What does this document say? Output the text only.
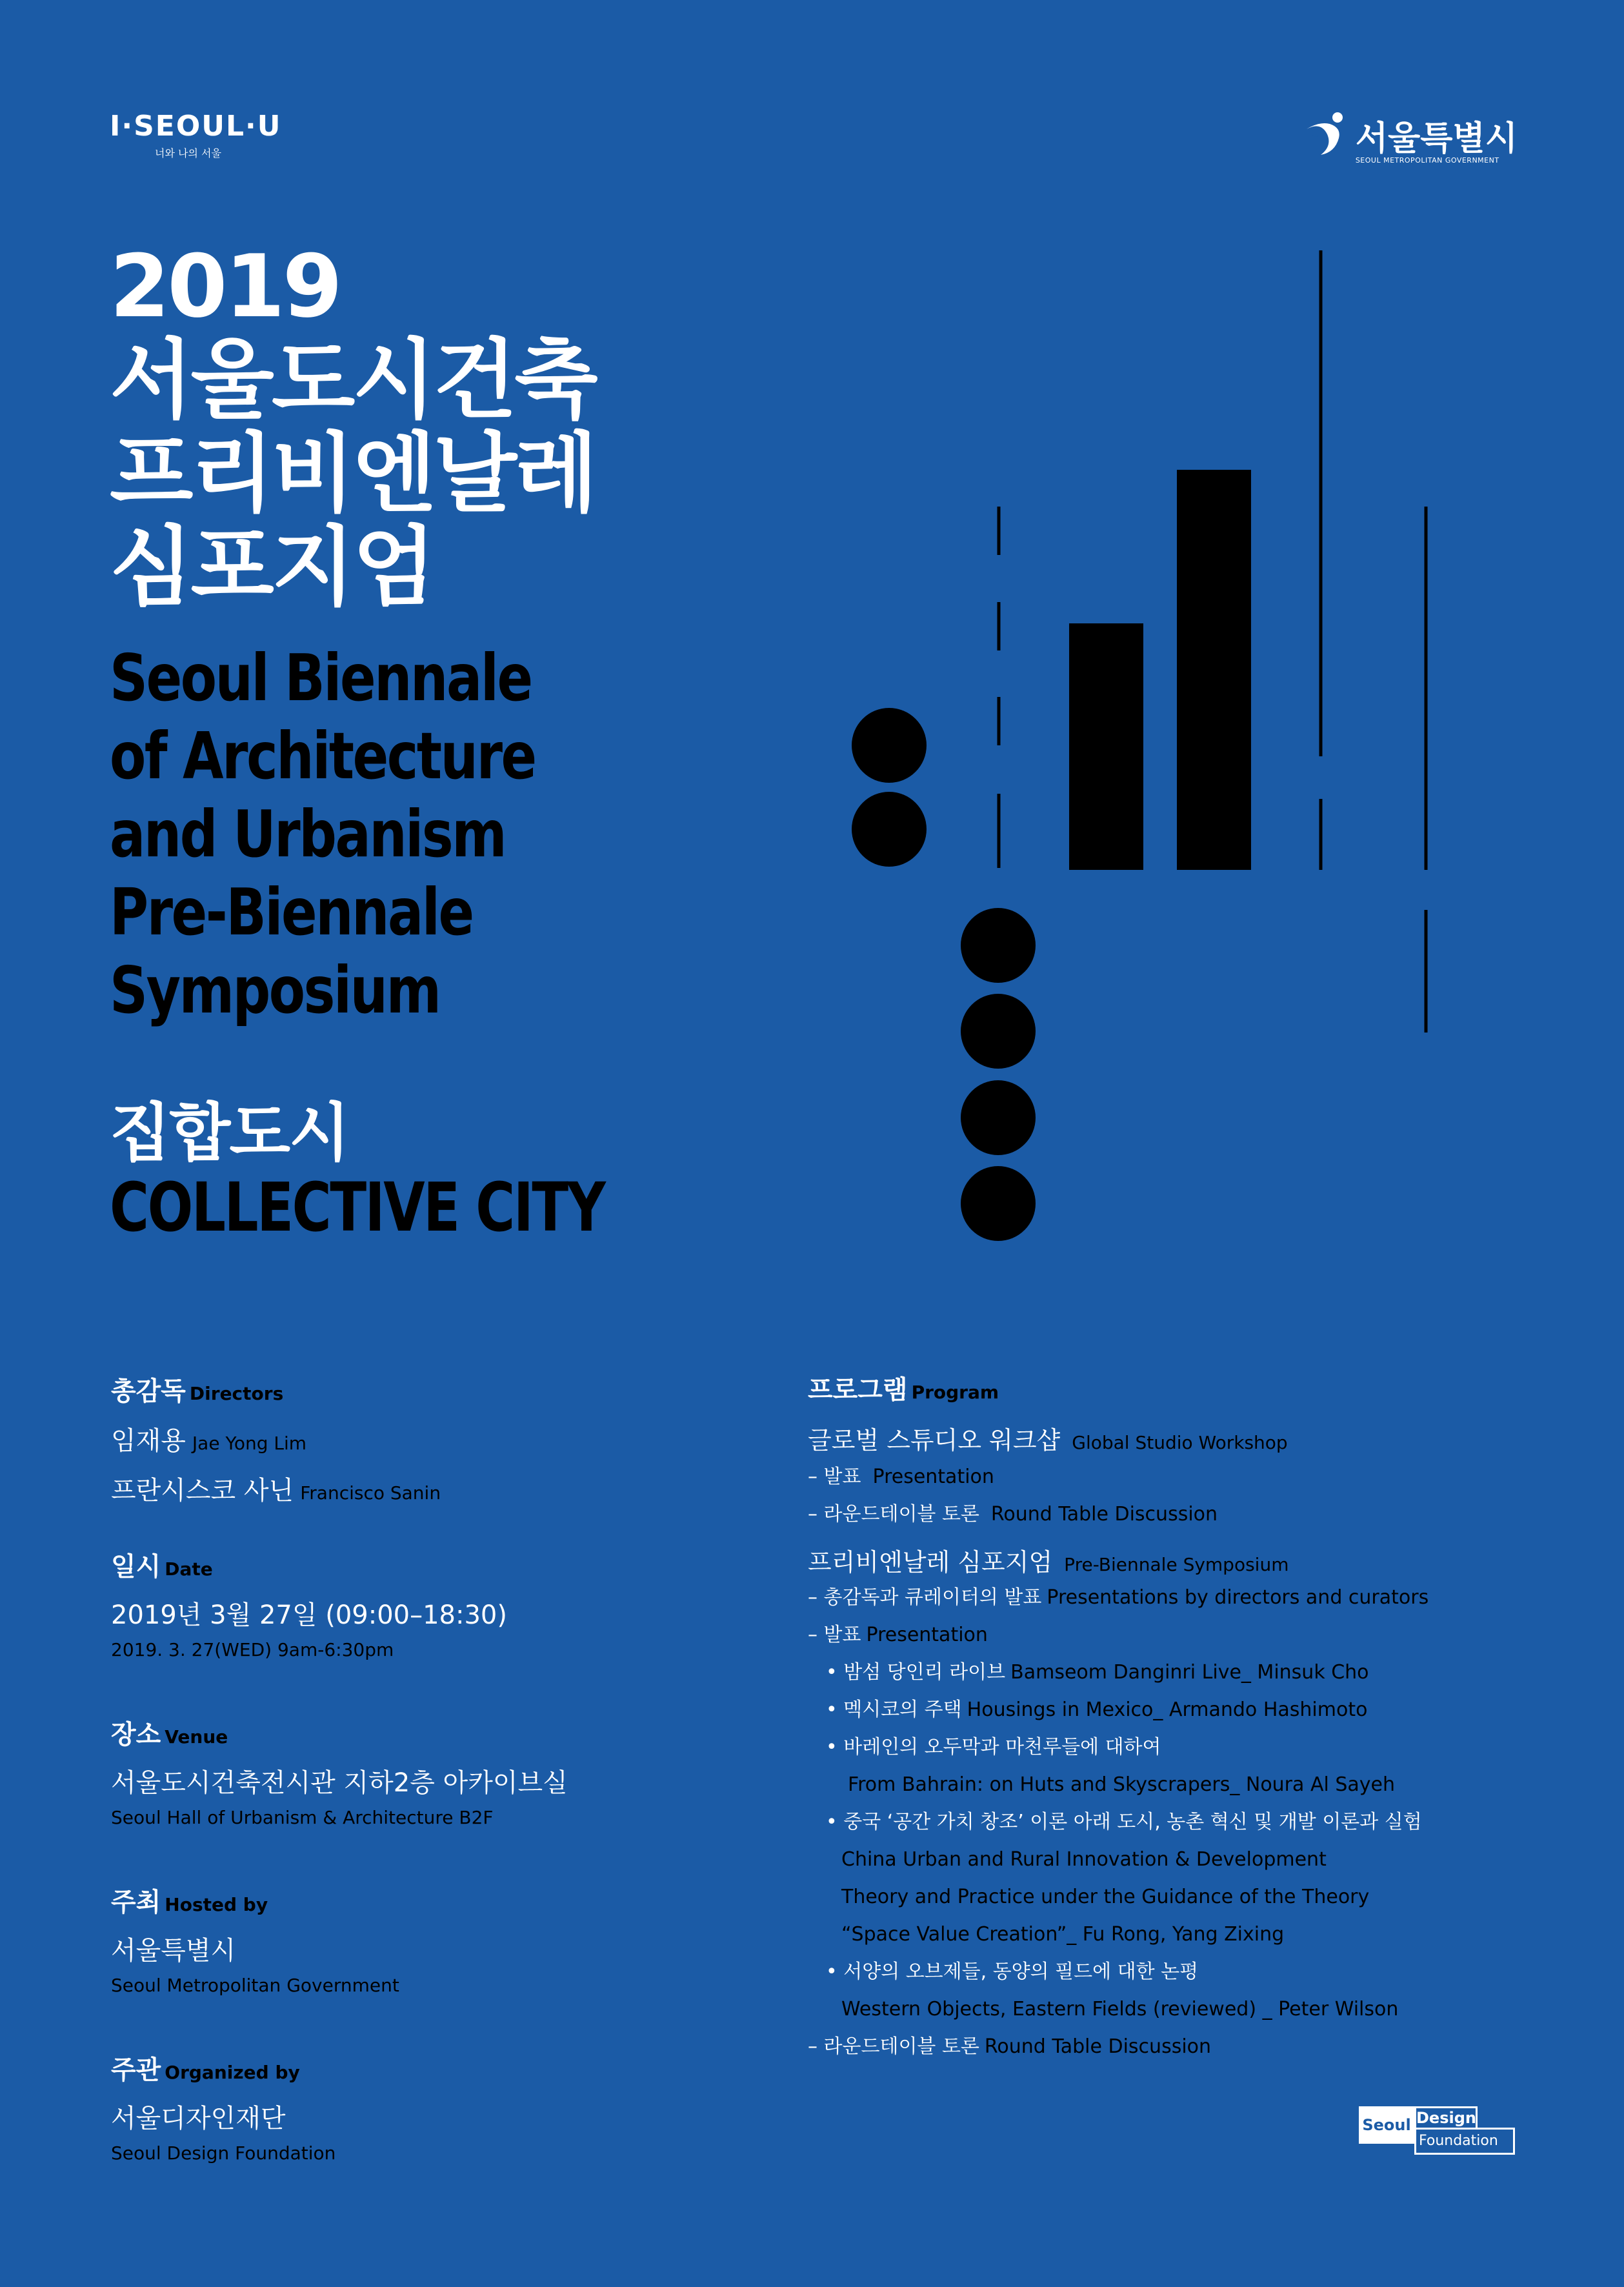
I·SEOUL·U
너와 나의 서울	서울특별시
SEOUL METROPOLITAN GOVERNMENT
2019
서울도시건축
프리비엔날레
심포지엄
Seoul Biennale
of Architecture
and Urbanism
Pre-Biennale
Symposium
집합도시
COLLECTIVE CITY
총감독 Directors
임재용 Jae Yong Lim
프란시스코 사닌 Francisco Sanin
일시 Date
2019년 3월 27일 (09:00–18:30)
2019. 3. 27(WED) 9am-6:30pm
장소 Venue
서울도시건축전시관 지하2층 아카이브실
Seoul Hall of Urbanism & Architecture B2F
주최 Hosted by
서울특별시
Seoul Metropolitan Government
주관 Organized by
서울디자인재단
Seoul Design Foundation
프로그램 Program
글로벌 스튜디오 워크샵 Global Studio Workshop
– 발표 Presentation
– 라운드테이블 토론 Round Table Discussion
프리비엔날레 심포지엄 Pre-Biennale Symposium
– 총감독과 큐레이터의 발표 Presentations by directors and curators
– 발표 Presentation
• 밤섬 당인리 라이브 Bamseom Danginri Live_ Minsuk Cho
• 멕시코의 주택 Housings in Mexico_ Armando Hashimoto
• 바레인의 오두막과 마천루들에 대하여
From Bahrain: on Huts and Skyscrapers_ Noura Al Sayeh
• 중국 ‘공간 가치 창조’ 이론 아래 도시, 농촌 혁신 및 개발 이론과 실험
China Urban and Rural Innovation & Development
Theory and Practice under the Guidance of the Theory
“Space Value Creation”_ Fu Rong, Yang Zixing
• 서양의 오브제들, 동양의 필드에 대한 논평
Western Objects, Eastern Fields (reviewed) _ Peter Wilson
– 라운드테이블 토론 Round Table Discussion
Seoul Design
Foundation
